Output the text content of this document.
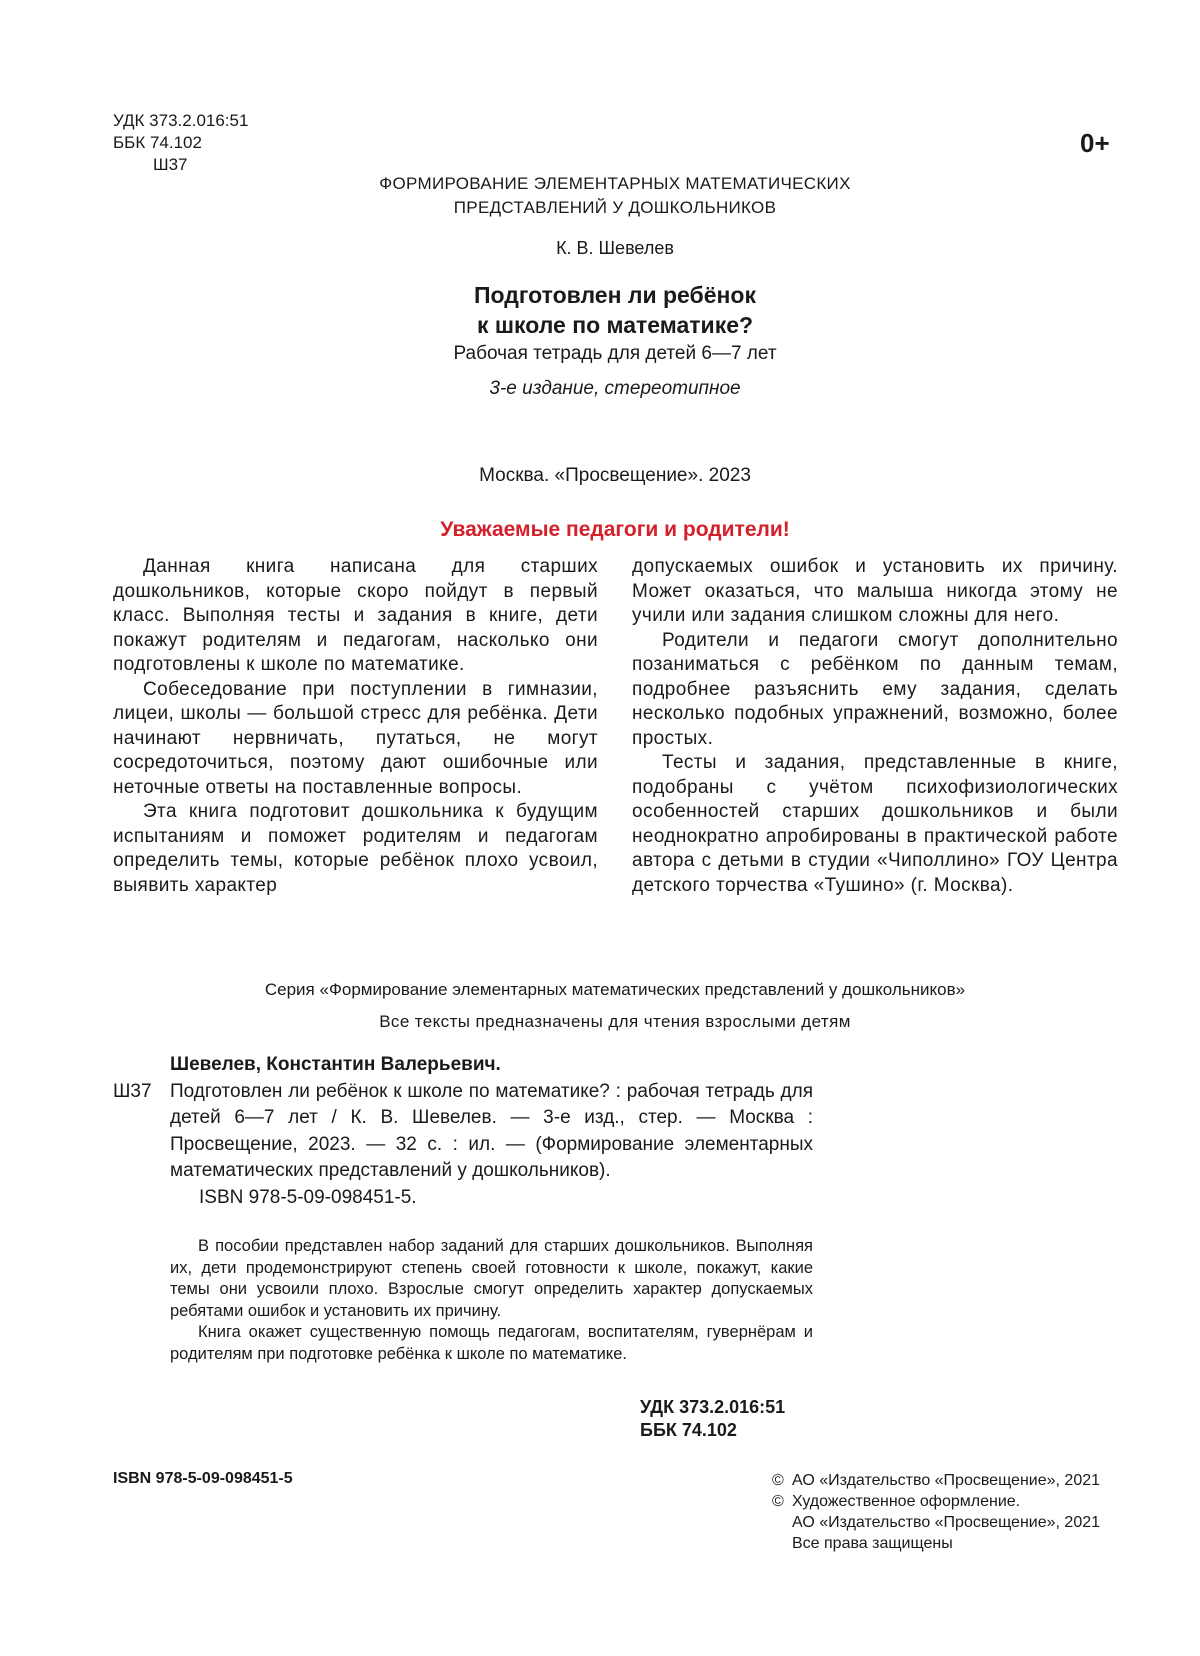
УДК 373.2.016:51
ББК 74.102
Ш37
0+
ФОРМИРОВАНИЕ ЭЛЕМЕНТАРНЫХ МАТЕМАТИЧЕСКИХ
ПРЕДСТАВЛЕНИЙ У ДОШКОЛЬНИКОВ
К. В. Шевелев
Подготовлен ли ребёнок
к школе по математике?
Рабочая тетрадь для детей 6—7 лет
3-е издание, стереотипное
Москва. «Просвещение». 2023
Уважаемые педагоги и родители!

Данная книга написана для старших дошкольников, которые скоро пойдут в первый класс. Выполняя тесты и задания в книге, дети покажут родителям и педагогам, насколько они подготовлены к школе по математике.

Собеседование при поступлении в гимназии, лицеи, школы — большой стресс для ребёнка. Дети начинают нервничать, путаться, не могут сосредоточиться, поэтому дают ошибочные или неточные ответы на поставленные вопросы.

Эта книга подготовит дошкольника к будущим испытаниям и поможет родителям и педагогам определить темы, которые ребёнок плохо усвоил, выявить характер

допускаемых ошибок и установить их причину. Может оказаться, что малыша никогда этому не учили или задания слишком сложны для него.

Родители и педагоги смогут дополнительно позаниматься с ребёнком по данным темам, подробнее разъяснить ему задания, сделать несколько подобных упражнений, возможно, более простых.

Тесты и задания, представленные в книге, подобраны с учётом психофизиологических особенностей старших дошкольников и были неоднократно апробированы в практической работе автора с детьми в студии «Чиполлино» ГОУ Центра детского торчества «Тушино» (г. Москва).

Серия «Формирование элементарных математических представлений у дошкольников»
Все тексты предназначены для чтения взрослыми детям
Шевелев, Константин Валерьевич.
Ш37 Подготовлен ли ребёнок к школе по математике? : рабочая тетрадь для детей 6—7 лет / К. В. Шевелев. — 3-е изд., стер. — Москва : Просвещение, 2023. — 32 с. : ил. — (Формирование элементарных математических представлений у дошкольников).
ISBN 978-5-09-098451-5.

В пособии представлен набор заданий для старших дошкольников. Выполняя их, дети продемонстрируют степень своей готовности к школе, покажут, какие темы они усвоили плохо. Взрослые смогут определить характер допускаемых ребятами ошибок и установить их причину.

Книга окажет существенную помощь педагогам, воспитателям, гувернёрам и родителям при подготовке ребёнка к школе по математике.

УДК 373.2.016:51
ББК 74.102
ISBN 978-5-09-098451-5	© АО «Издательство «Просвещение», 2021
© Художественное оформление.
АО «Издательство «Просвещение», 2021
Все права защищены
